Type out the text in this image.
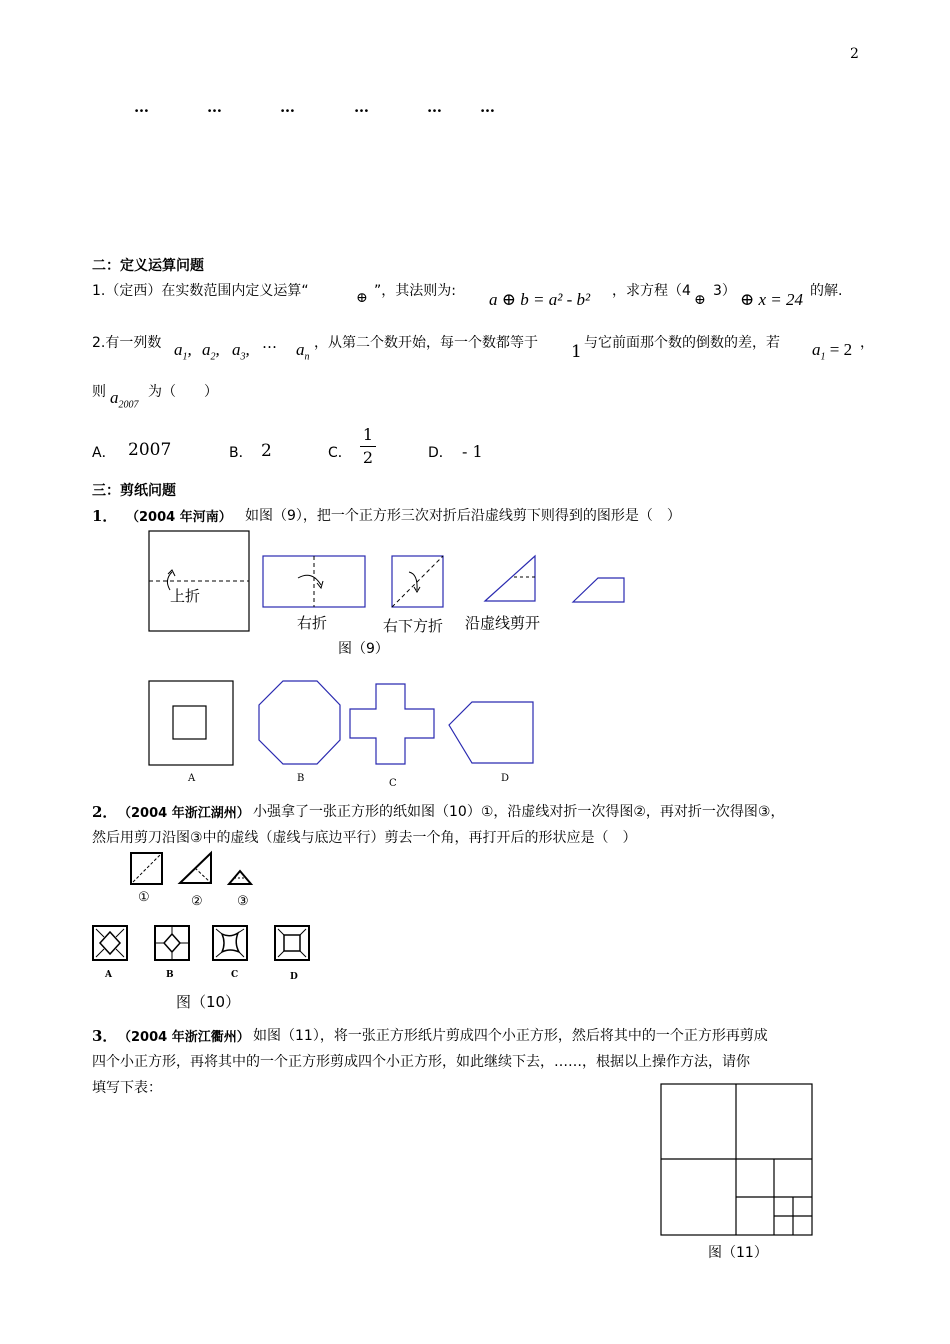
2
…	…	…	…	…	…
二：定义运算问题
1.（定西）在实数范围内定义运算“	⊕ ”，其法则为: a ⊕ b = a² - b² ，求方程（4
⊕
3） ⊕ x = 24 的解.
2.有一列数 $a_1$, $a_2$, $a_3$, … $a_n$
，从第二个数开始，每一个数都等于 1 与它前面那个数的倒数的差，若 $a_1 = 2$ ，
则 $a_{2007}$
为（　　）
A． 2007	B． 2	C．
1
2	D． - 1
三：剪纸问题
1． （2004 年河南） 如图（9），把一个正方形三次对折后沿虚线剪下则得到的图形是（　）
上折
右折	右下方折 沿虚线剪开
图（9）
A	B	C	D
2． （2004 年浙江湖州） 小强拿了一张正方形的纸如图（10）①，沿虚线对折一次得图②，再对折一次得图③，
然后用剪刀沿图③中的虚线（虚线与底边平行）剪去一个角，再打开后的形状应是（　）
①	②	③
A	B	C	D
图（10）
3． （2004 年浙江衢州） 如图（11），将一张正方形纸片剪成四个小正方形，然后将其中的一个正方形再剪成
四个小正方形，再将其中的一个正方形剪成四个小正方形，如此继续下去，……，根据以上操作方法，请你
填写下表：
图（11）
